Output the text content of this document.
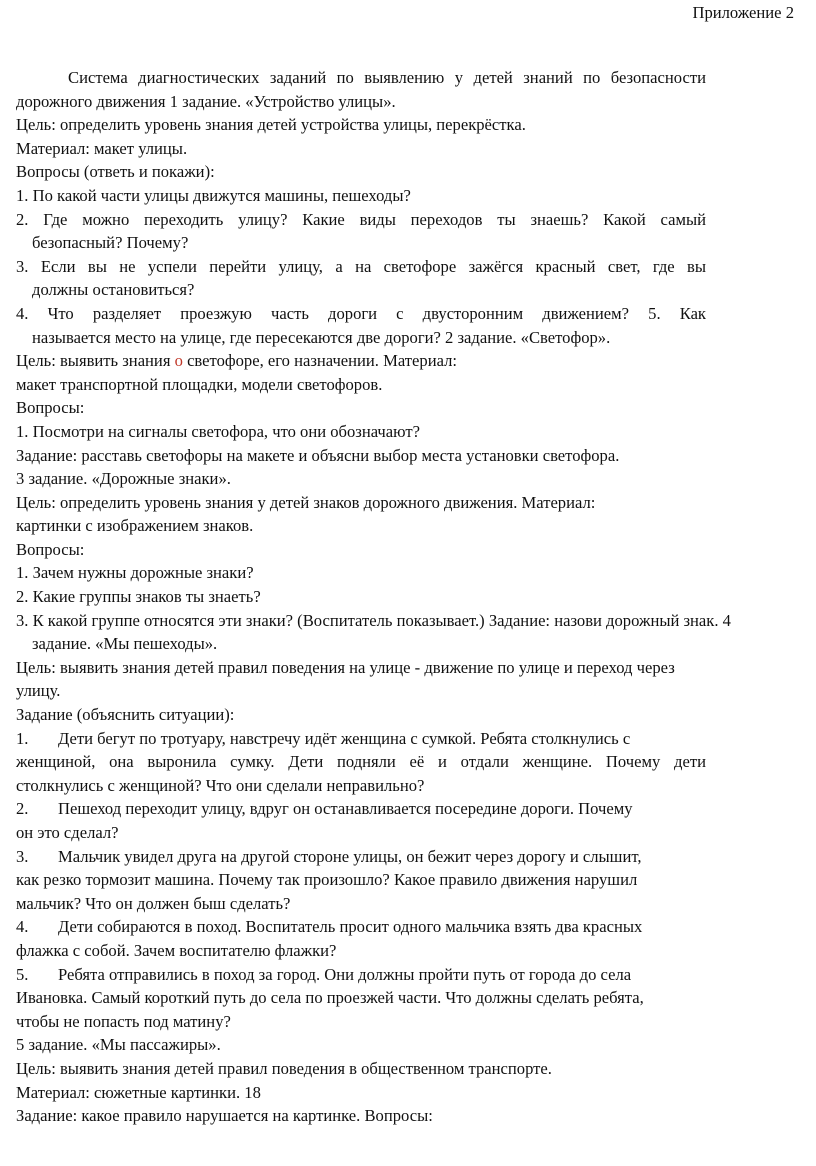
Приложение 2
Система диагностических заданий по выявлению у детей знаний по безопасности
дорожного движения 1 задание. «Устройство улицы».
Цель: определить уровень знания детей устройства улицы, перекрёстка.
Материал: макет улицы.
Вопросы (ответь и покажи):
1. По какой части улицы движутся машины, пешеходы?
2. Где можно переходить улицу? Какие виды переходов ты знаешь? Какой самый
безопасный? Почему?
3. Если вы не успели перейти улицу, а на светофоре зажёгся красный свет, где вы
должны остановиться?
4. Что разделяет проезжую часть дороги с двусторонним движением? 5. Как
называется место на улице, где пересекаются две дороги? 2 задание. «Светофор».
Цель: выявить знания о светофоре, его назначении. Материал:
макет транспортной площадки, модели светофоров.
Вопросы:
1. Посмотри на сигналы светофора, что они обозначают?
Задание: расставь светофоры на макете и объясни выбор места установки светофора.
3 задание. «Дорожные знаки».
Цель: определить уровень знания у детей знаков дорожного движения. Материал:
картинки с изображением знаков.
Вопросы:
1. Зачем нужны дорожные знаки?
2. Какие группы знаков ты знаеть?
3. К какой группе относятся эти знаки? (Воспитатель показывает.) Задание: назови дорожный знак. 4
задание. «Мы пешеходы».
Цель: выявить знания детей правил поведения на улице - движение по улице и переход через
улицу.
Задание (объяснить ситуации):
1. Дети бегут по тротуару, навстречу идёт женщина с сумкой. Ребята столкнулись с
женщиной, она выронила сумку. Дети подняли её и отдали женщине. Почему дети
столкнулись с женщиной? Что они сделали неправильно?
2. Пешеход переходит улицу, вдруг он останавливается посередине дороги. Почему
он это сделал?
3. Мальчик увидел друга на другой стороне улицы, он бежит через дорогу и слышит,
как резко тормозит машина. Почему так произошло? Какое правило движения нарушил
мальчик? Что он должен быш сделать?
4. Дети собираются в поход. Воспитатель просит одного мальчика взять два красных
флажка с собой. Зачем воспитателю флажки?
5. Ребята отправились в поход за город. Они должны пройти путь от города до села
Ивановка. Самый короткий путь до села по проезжей части. Что должны сделать ребята,
чтобы не попасть под матину?
5 задание. «Мы пассажиры».
Цель: выявить знания детей правил поведения в общественном транспорте.
Материал: сюжетные картинки. 18
Задание: какое правило нарушается на картинке. Вопросы:
